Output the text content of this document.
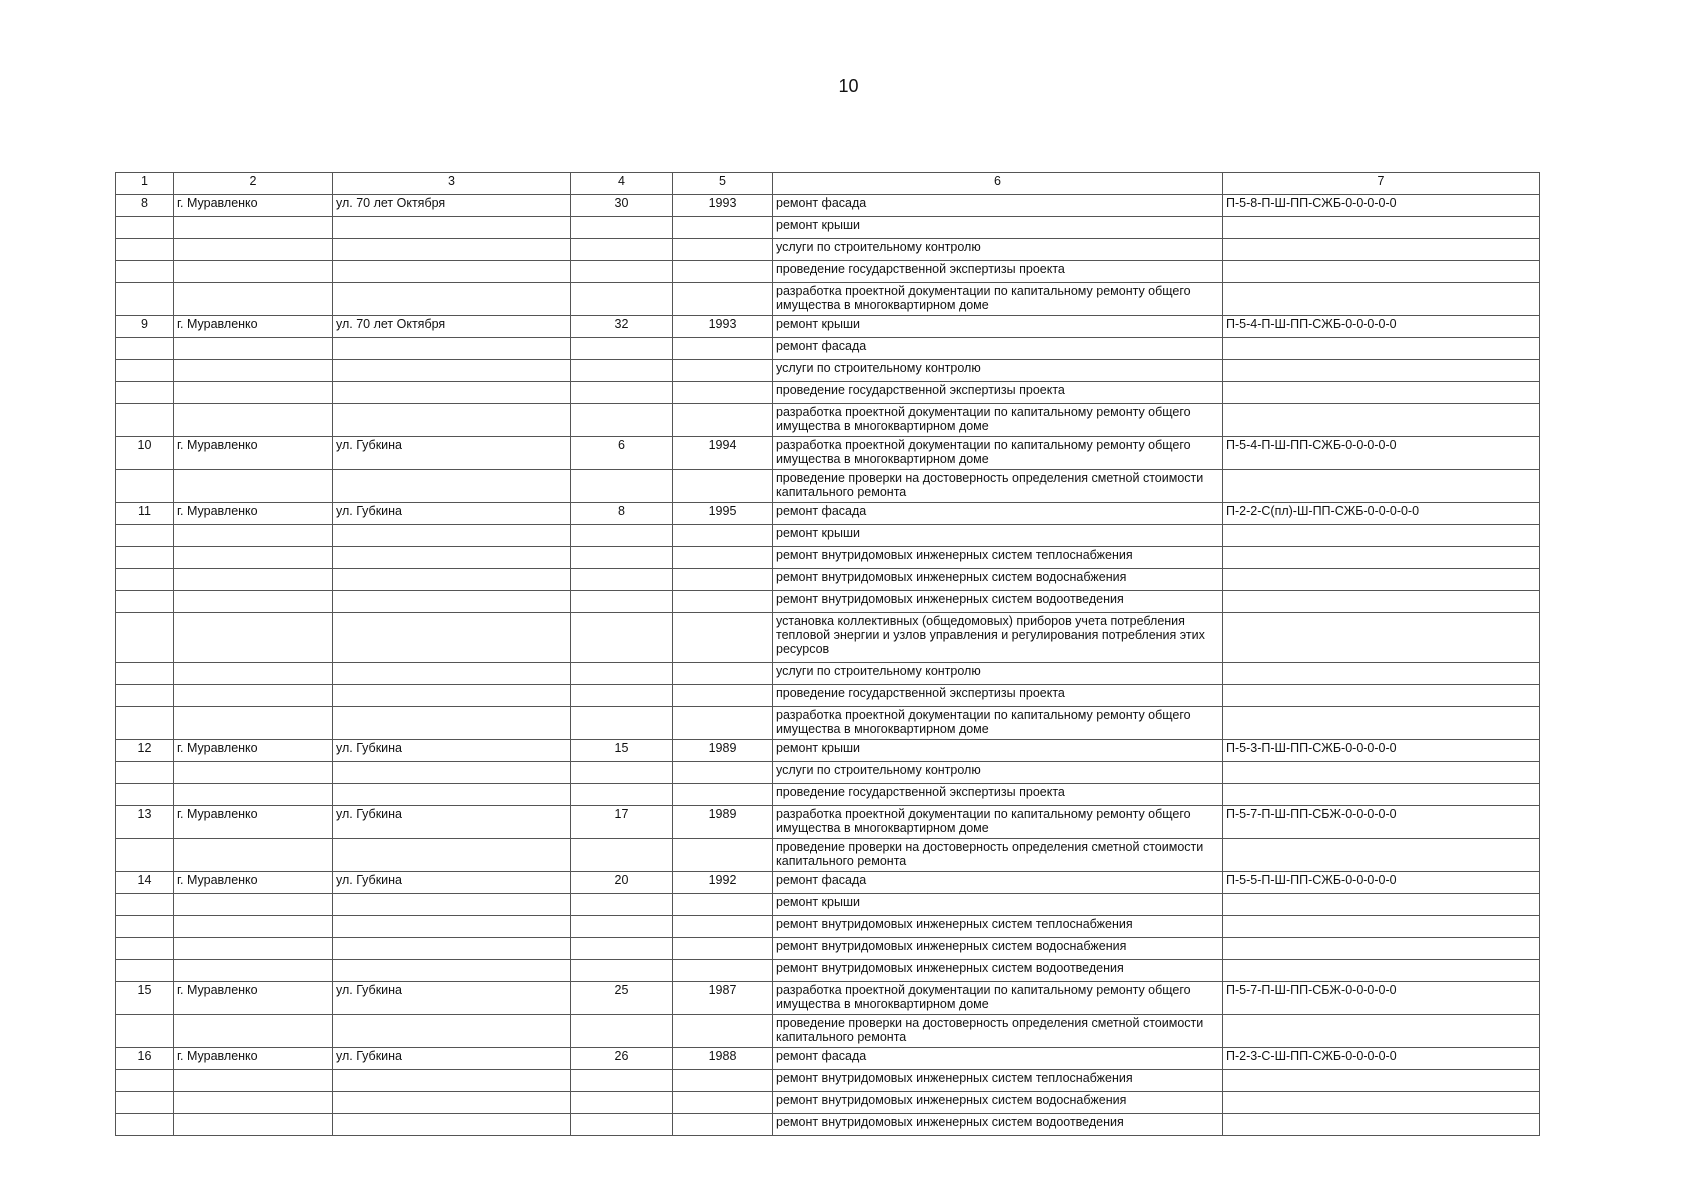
10
1	2	3	4	5	6	7
8	г. Муравленко	ул. 70 лет Октября	30	1993	ремонт фасада	П-5-8-П-Ш-ПП-СЖБ-0-0-0-0-0
					ремонт крыши	
					услуги по строительному контролю	
					проведение государственной экспертизы проекта	
					разработка проектной документации по капитальному ремонту общего имущества в многоквартирном доме	
9	г. Муравленко	ул. 70 лет Октября	32	1993	ремонт крыши	П-5-4-П-Ш-ПП-СЖБ-0-0-0-0-0
					ремонт фасада	
					услуги по строительному контролю	
					проведение государственной экспертизы проекта	
					разработка проектной документации по капитальному ремонту общего имущества в многоквартирном доме	
10	г. Муравленко	ул. Губкина	6	1994	разработка проектной документации по капитальному ремонту общего имущества в многоквартирном доме	П-5-4-П-Ш-ПП-СЖБ-0-0-0-0-0
					проведение проверки на достоверность определения сметной стоимости капитального ремонта	
11	г. Муравленко	ул. Губкина	8	1995	ремонт фасада	П-2-2-С(пл)-Ш-ПП-СЖБ-0-0-0-0-0
					ремонт крыши	
					ремонт внутридомовых инженерных систем теплоснабжения	
					ремонт внутридомовых инженерных систем водоснабжения	
					ремонт внутридомовых инженерных систем водоотведения	
					установка коллективных (общедомовых) приборов учета потребления тепловой энергии и узлов управления и регулирования потребления этих ресурсов	
					услуги по строительному контролю	
					проведение государственной экспертизы проекта	
					разработка проектной документации по капитальному ремонту общего имущества в многоквартирном доме	
12	г. Муравленко	ул. Губкина	15	1989	ремонт крыши	П-5-3-П-Ш-ПП-СЖБ-0-0-0-0-0
					услуги по строительному контролю	
					проведение государственной экспертизы проекта	
13	г. Муравленко	ул. Губкина	17	1989	разработка проектной документации по капитальному ремонту общего имущества в многоквартирном доме	П-5-7-П-Ш-ПП-СБЖ-0-0-0-0-0
					проведение проверки на достоверность определения сметной стоимости капитального ремонта	
14	г. Муравленко	ул. Губкина	20	1992	ремонт фасада	П-5-5-П-Ш-ПП-СЖБ-0-0-0-0-0
					ремонт крыши	
					ремонт внутридомовых инженерных систем теплоснабжения	
					ремонт внутридомовых инженерных систем водоснабжения	
					ремонт внутридомовых инженерных систем водоотведения	
15	г. Муравленко	ул. Губкина	25	1987	разработка проектной документации по капитальному ремонту общего имущества в многоквартирном доме	П-5-7-П-Ш-ПП-СБЖ-0-0-0-0-0
					проведение проверки на достоверность определения сметной стоимости капитального ремонта	
16	г. Муравленко	ул. Губкина	26	1988	ремонт фасада	П-2-3-С-Ш-ПП-СЖБ-0-0-0-0-0
					ремонт внутридомовых инженерных систем теплоснабжения	
					ремонт внутридомовых инженерных систем водоснабжения	
					ремонт внутридомовых инженерных систем водоотведения	
